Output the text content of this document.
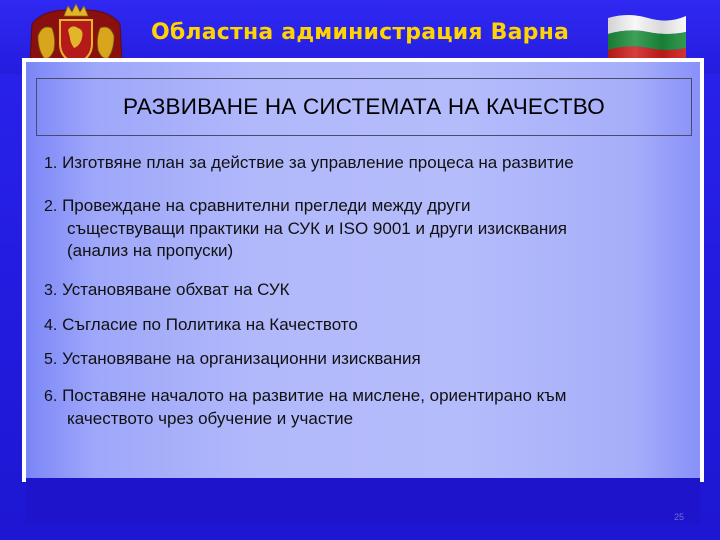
Областна администрация Варна
РАЗВИВАНЕ НА СИСТЕМАТА НА КАЧЕСТВО
1. Изготвяне план за действие за управление процеса на развитие
2. Провеждане на сравнителни прегледи между други
съществуващи практики на СУК и ISO 9001 и други изисквания
(анализ на пропуски)
3. Установяване обхват на СУК
4. Съгласие по Политика на Качеството
5. Установяване на организационни изисквания
6. Поставяне началото на развитие на мислене, ориентирано към
качеството чрез обучение и участие
25
